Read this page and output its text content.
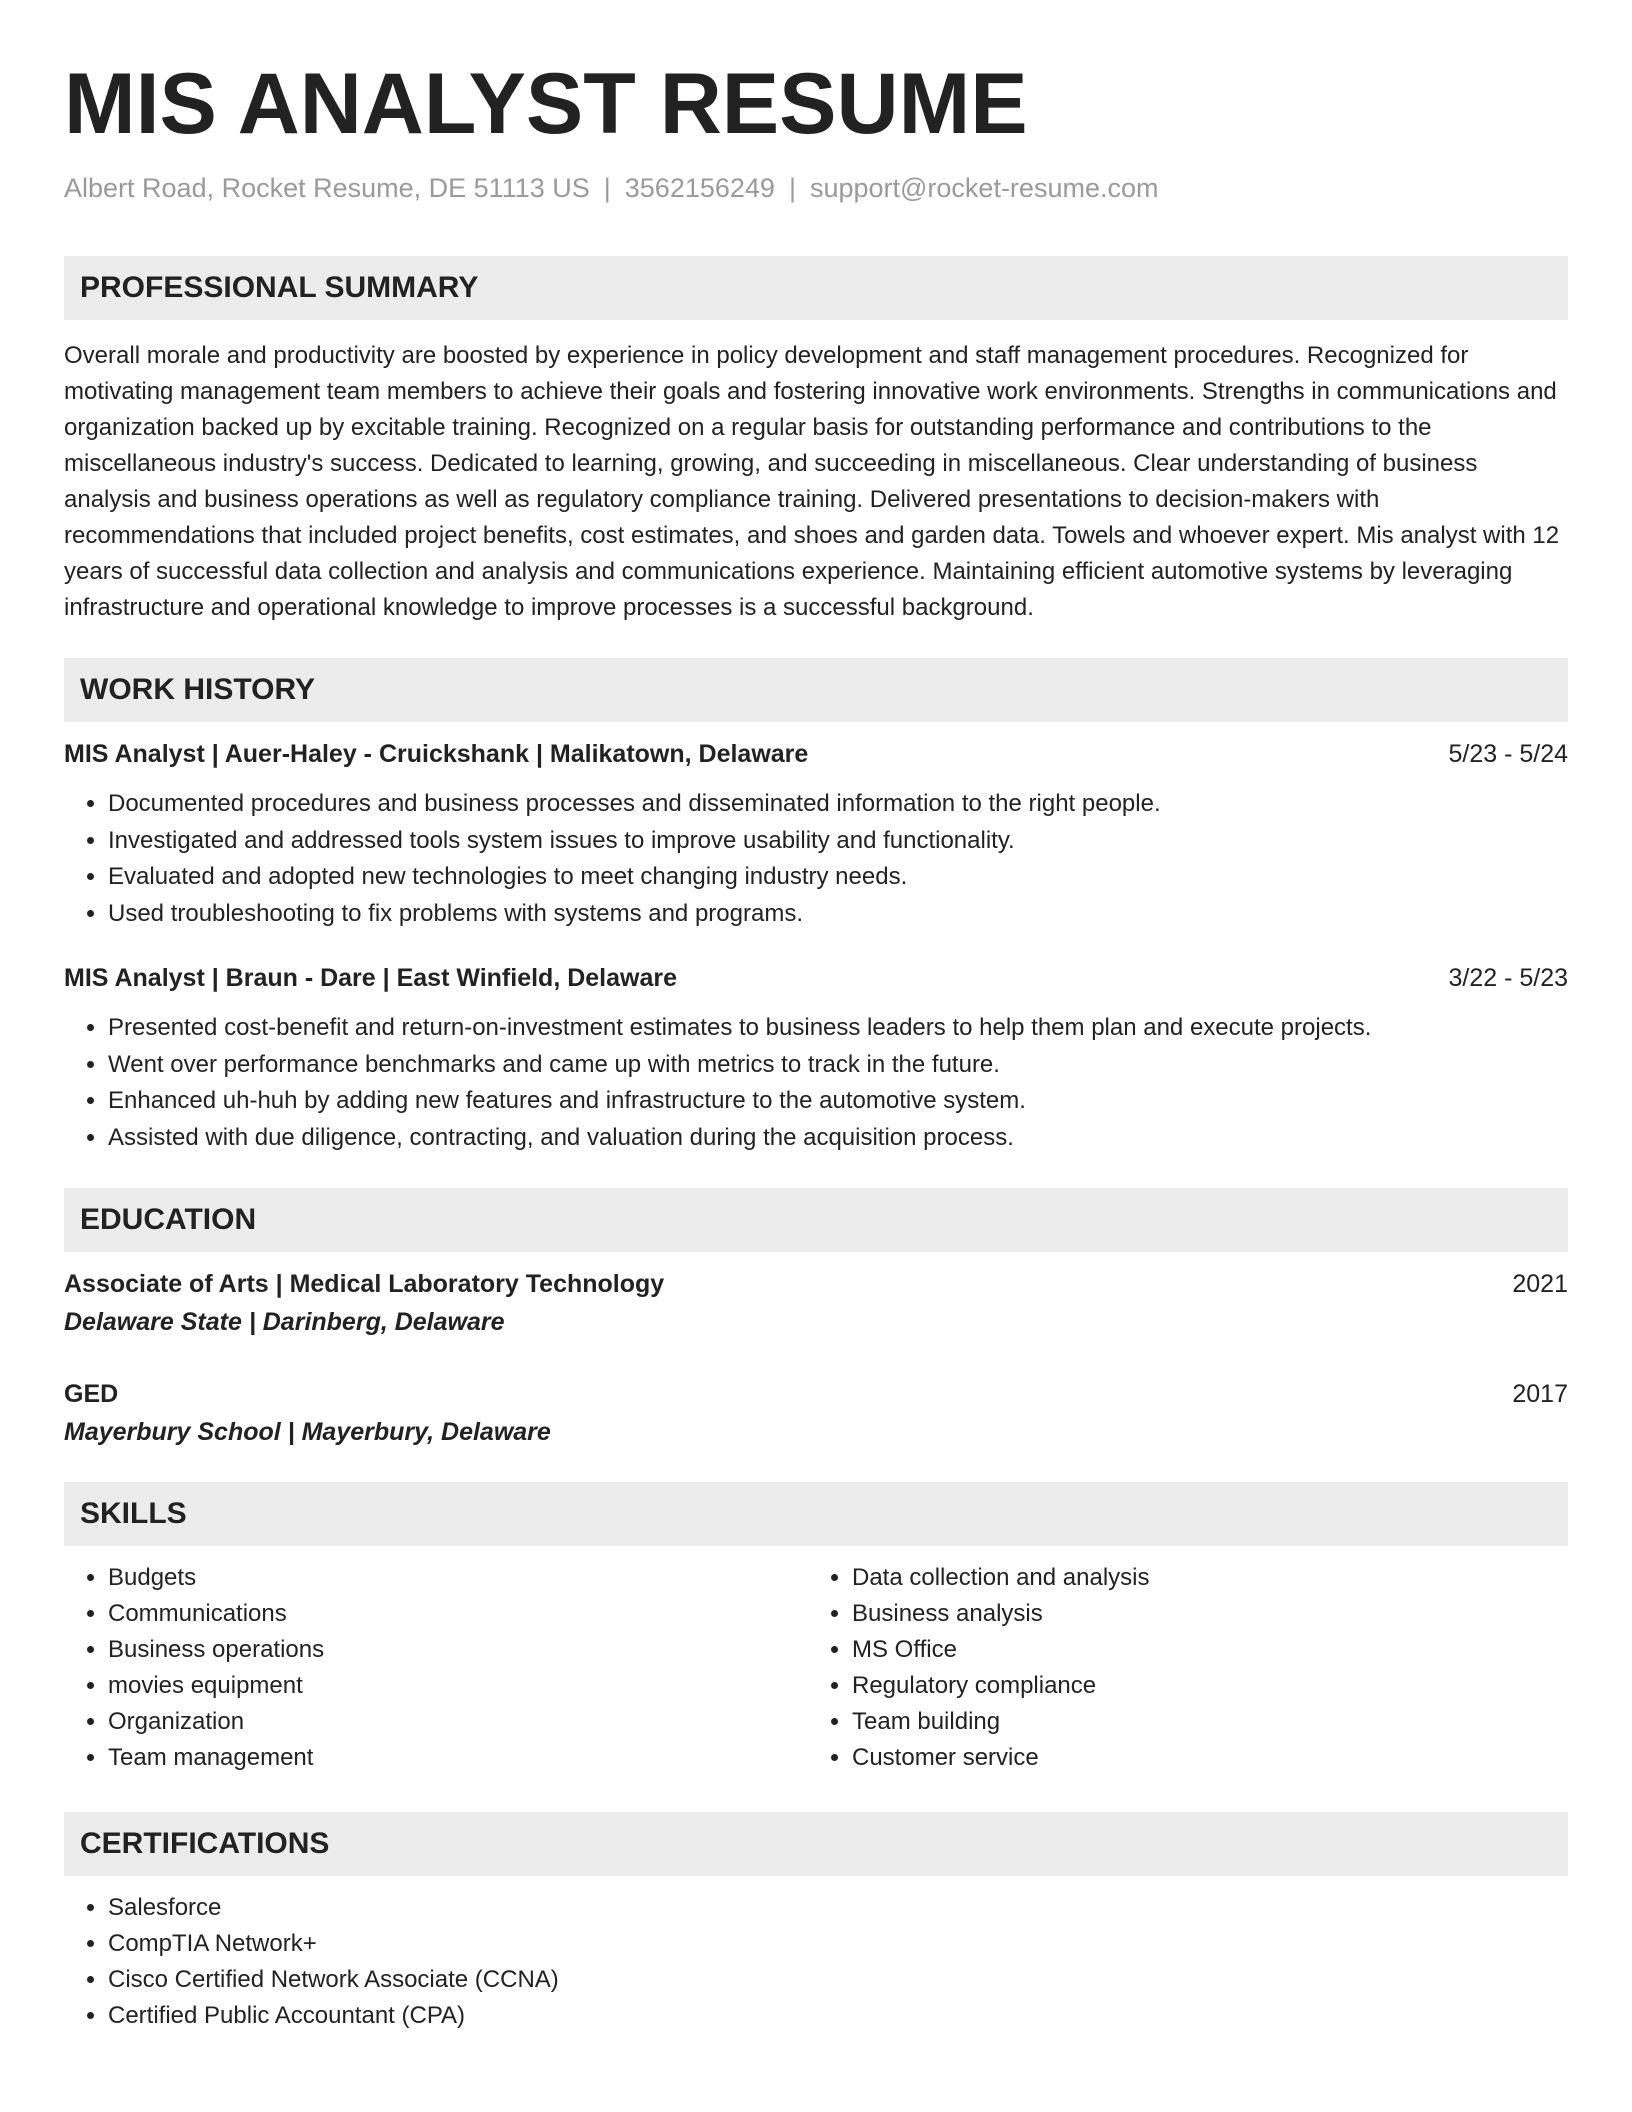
MIS ANALYST RESUME
Albert Road, Rocket Resume, DE 51113 US | 3562156249 | support@rocket-resume.com
PROFESSIONAL SUMMARY
Overall morale and productivity are boosted by experience in policy development and staff management procedures. Recognized for motivating management team members to achieve their goals and fostering innovative work environments. Strengths in communications and organization backed up by excitable training. Recognized on a regular basis for outstanding performance and contributions to the miscellaneous industry's success. Dedicated to learning, growing, and succeeding in miscellaneous. Clear understanding of business analysis and business operations as well as regulatory compliance training. Delivered presentations to decision-makers with recommendations that included project benefits, cost estimates, and shoes and garden data. Towels and whoever expert. Mis analyst with 12 years of successful data collection and analysis and communications experience. Maintaining efficient automotive systems by leveraging infrastructure and operational knowledge to improve processes is a successful background.
WORK HISTORY
MIS Analyst | Auer-Haley - Cruickshank | Malikatown, Delaware	5/23 - 5/24
• Documented procedures and business processes and disseminated information to the right people.
• Investigated and addressed tools system issues to improve usability and functionality.
• Evaluated and adopted new technologies to meet changing industry needs.
• Used troubleshooting to fix problems with systems and programs.
MIS Analyst | Braun - Dare | East Winfield, Delaware	3/22 - 5/23
• Presented cost-benefit and return-on-investment estimates to business leaders to help them plan and execute projects.
• Went over performance benchmarks and came up with metrics to track in the future.
• Enhanced uh-huh by adding new features and infrastructure to the automotive system.
• Assisted with due diligence, contracting, and valuation during the acquisition process.
EDUCATION
Associate of Arts | Medical Laboratory Technology	2021
Delaware State | Darinberg, Delaware
GED	2017
Mayerbury School | Mayerbury, Delaware
SKILLS
• Budgets
• Communications
• Business operations
• movies equipment
• Organization
• Team management
• Data collection and analysis
• Business analysis
• MS Office
• Regulatory compliance
• Team building
• Customer service
CERTIFICATIONS
• Salesforce
• CompTIA Network+
• Cisco Certified Network Associate (CCNA)
• Certified Public Accountant (CPA)
